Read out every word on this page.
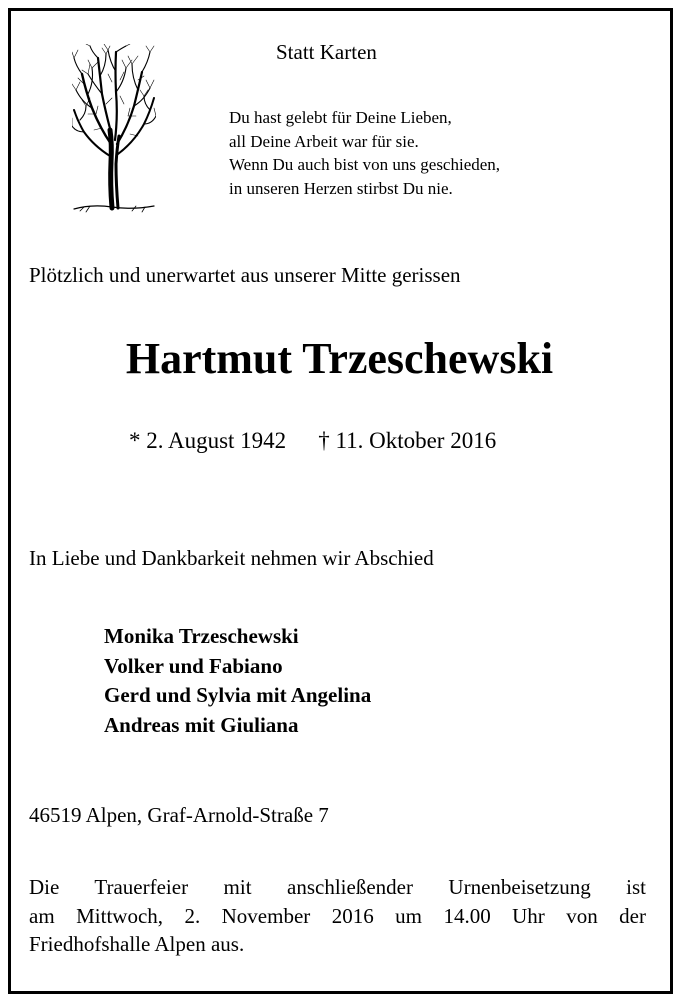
Statt Karten
Du hast gelebt für Deine Lieben,
all Deine Arbeit war für sie.
Wenn Du auch bist von uns geschieden,
in unseren Herzen stirbst Du nie.
Plötzlich und unerwartet aus unserer Mitte gerissen
Hartmut Trzeschewski
* 2. August 1942 † 11. Oktober 2016
In Liebe und Dankbarkeit nehmen wir Abschied
Monika Trzeschewski
Volker und Fabiano
Gerd und Sylvia mit Angelina
Andreas mit Giuliana
46519 Alpen, Graf-Arnold-Straße 7
Die Trauerfeier mit anschließender Urnenbeisetzung ist
am Mittwoch, 2. November 2016 um 14.00 Uhr von der
Friedhofshalle Alpen aus.
